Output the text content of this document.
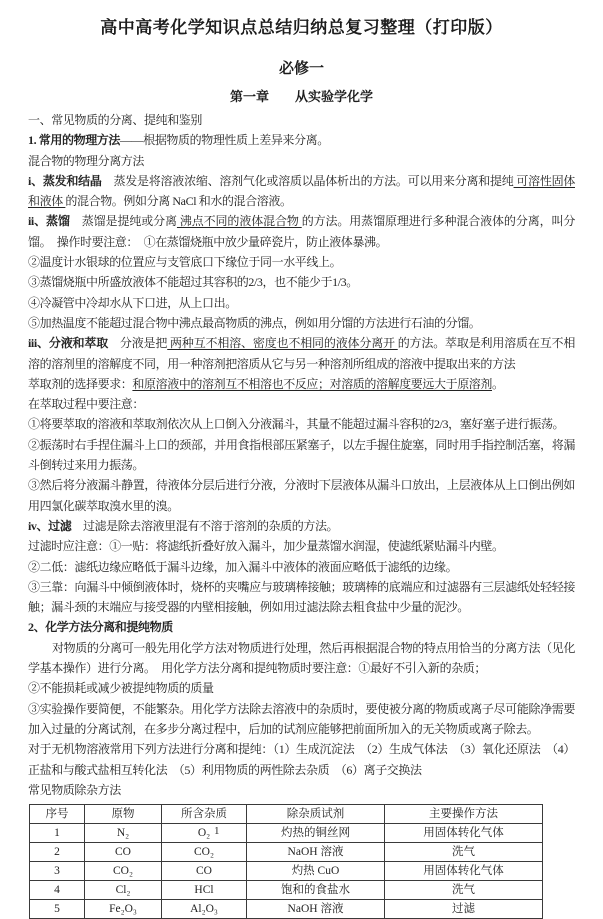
高中高考化学知识点总结归纳总复习整理（打印版）
必修一
第一章　　从实验学化学

一、常见物质的分离、提纯和鉴别

1. 常用的物理方法——根据物质的物理性质上差异来分离。

混合物的物理分离方法

i、蒸发和结晶　蒸发是将溶液浓缩、溶剂气化或溶质以晶体析出的方法。可以用来分离和提纯 可溶性固体和液体 的混合物。例如分离 NaCl 和水的混合溶液。

ii、蒸馏　蒸馏是提纯或分离 沸点不同的液体混合物 的方法。用蒸馏原理进行多种混合液体的分离，叫分馏。　操作时要注意：　①在蒸馏烧瓶中放少量碎瓷片，防止液体暴沸。

②温度计水银球的位置应与支管底口下缘位于同一水平线上。

③蒸馏烧瓶中所盛放液体不能超过其容积的2/3，也不能少于1/3。

④冷凝管中冷却水从下口进，从上口出。

⑤加热温度不能超过混合物中沸点最高物质的沸点，例如用分馏的方法进行石油的分馏。

iii、分液和萃取　分液是把 两种互不相溶、密度也不相同的液体分离开 的方法。萃取是利用溶质在互不相溶的溶剂里的溶解度不同，用一种溶剂把溶质从它与另一种溶剂所组成的溶液中提取出来的方法

萃取剂的选择要求：和原溶液中的溶剂互不相溶也不反应；对溶质的溶解度要远大于原溶剂。

在萃取过程中要注意：

①将要萃取的溶液和萃取剂依次从上口倒入分液漏斗，其量不能超过漏斗容积的2/3，塞好塞子进行振荡。

②振荡时右手捏住漏斗上口的颈部，并用食指根部压紧塞子，以左手握住旋塞，同时用手指控制活塞，将漏斗倒转过来用力振荡。

③然后将分液漏斗静置，待液体分层后进行分液，分液时下层液体从漏斗口放出，上层液体从上口倒出例如用四氯化碳萃取溴水里的溴。

iv、过滤　过滤是除去溶液里混有不溶于溶剂的杂质的方法。

过滤时应注意：①一贴：将滤纸折叠好放入漏斗，加少量蒸馏水润湿，使滤纸紧贴漏斗内壁。

②二低：滤纸边缘应略低于漏斗边缘，加入漏斗中液体的液面应略低于滤纸的边缘。

③三靠：向漏斗中倾倒液体时，烧杯的夹嘴应与玻璃棒接触；玻璃棒的底端应和过滤器有三层滤纸处轻轻接触；漏斗颈的末端应与接受器的内壁相接触，例如用过滤法除去粗食盐中少量的泥沙。

2、化学方法分离和提纯物质

对物质的分离可一般先用化学方法对物质进行处理，然后再根据混合物的特点用恰当的分离方法（见化学基本操作）进行分离。　用化学方法分离和提纯物质时要注意：①最好不引入新的杂质；

②不能损耗或减少被提纯物质的质量

③实验操作要简便，不能繁杂。用化学方法除去溶液中的杂质时，要使被分离的物质或离子尽可能除净需要加入过量的分离试剂，在多步分离过程中，后加的试剂应能够把前面所加入的无关物质或离子除去。

对于无机物溶液常用下列方法进行分离和提纯：（1）生成沉淀法　（2）生成气体法　（3）氧化还原法　（4）正盐和与酸式盐相互转化法　（5）利用物质的两性除去杂质　（6）离子交换法

常见物质除杂方法

序号	原物	所含杂质	除杂质试剂	主要操作方法
1	N₂	O₂	灼热的铜丝网	用固体转化气体
2	CO	CO₂	NaOH 溶液	洗气
3	CO₂	CO	灼热 CuO	用固体转化气体
4	Cl₂	HCl	饱和的食盐水	洗气
5	Fe₂O₃	Al₂O₃	NaOH 溶液	过滤
1
